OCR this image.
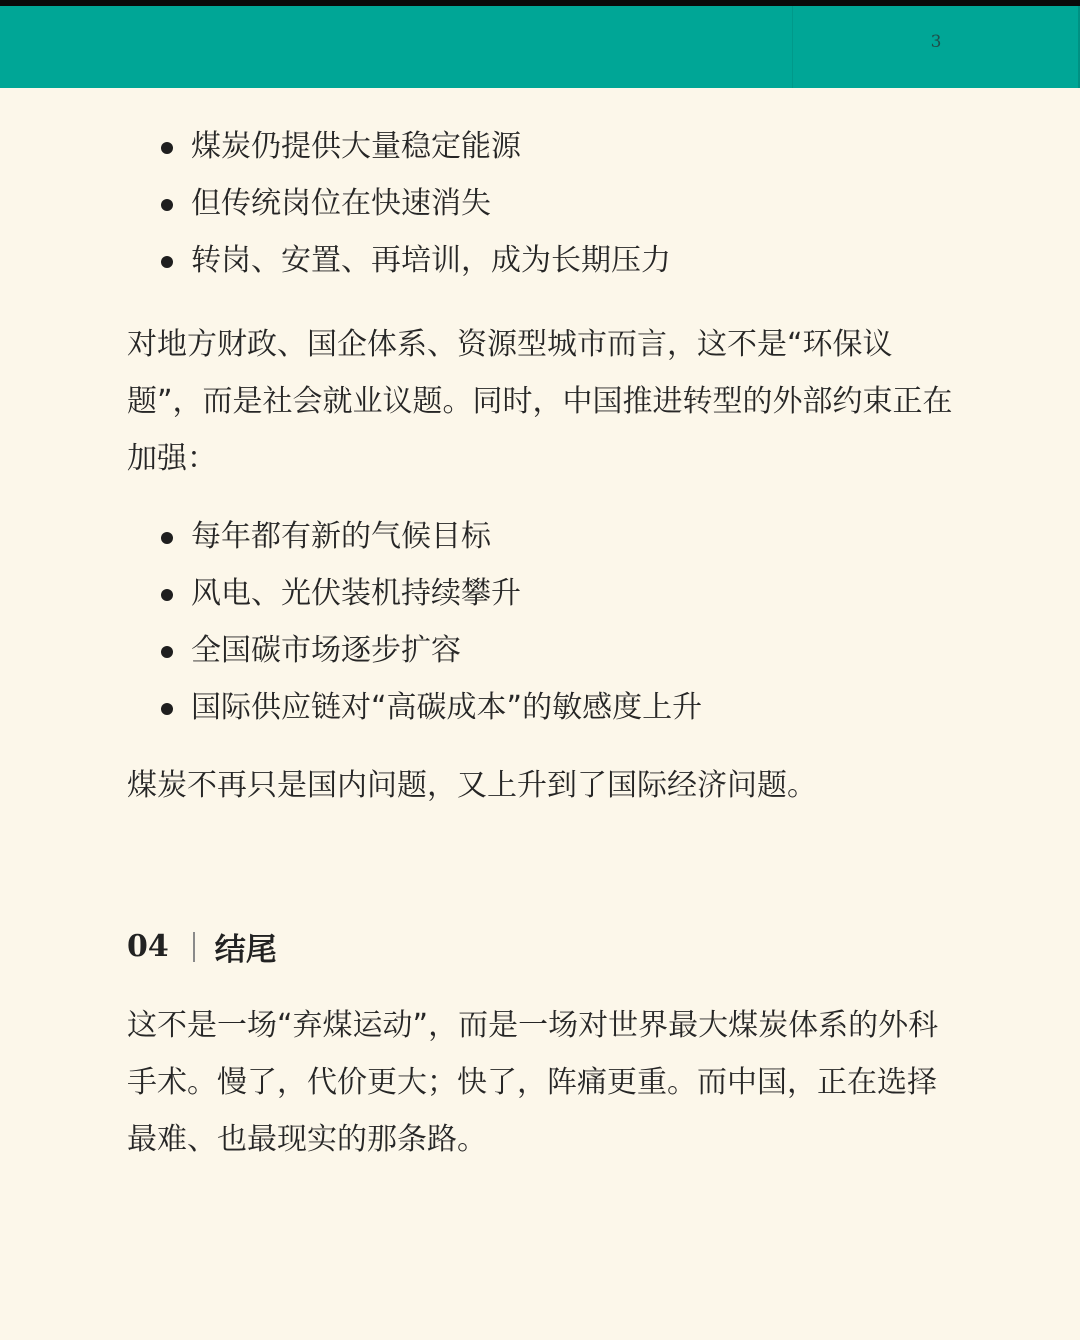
3
煤炭仍提供大量稳定能源
但传统岗位在快速消失
转岗、安置、再培训，成为长期压力

对地方财政、国企体系、资源型城市而言，这不是“环保议题”，而是社会就业议题。同时，中国推进转型的外部约束正在加强：

每年都有新的气候目标
风电、光伏装机持续攀升
全国碳市场逐步扩容
国际供应链对“高碳成本”的敏感度上升

煤炭不再只是国内问题，又上升到了国际经济问题。

04 结尾

这不是一场“弃煤运动”，而是一场对世界最大煤炭体系的外科手术。慢了，代价更大；快了，阵痛更重。而中国，正在选择最难、也最现实的那条路。
